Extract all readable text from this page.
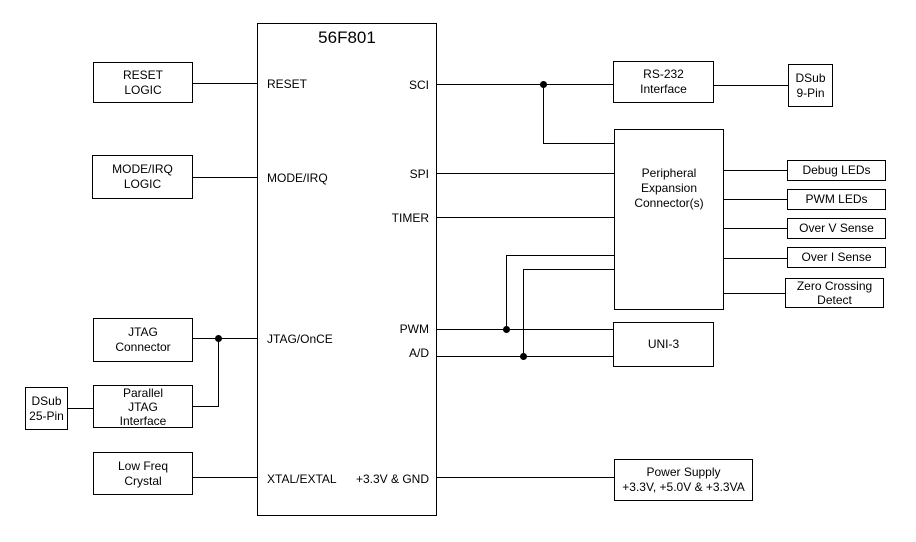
56F801
RESET
MODE/IRQ
JTAG/OnCE
XTAL/EXTAL
SCI
SPI
TIMER
PWM
A/D
+3.3V & GND
RESET
LOGIC
MODE/IRQ
LOGIC
JTAG
Connector
Parallel
JTAG
Interface
DSub
25-Pin
Low Freq
Crystal
RS-232
Interface
DSub
9-Pin
Peripheral
Expansion
Connector(s)
Debug LEDs
PWM LEDs
Over V Sense
Over I Sense
Zero Crossing
Detect
UNI-3
Power Supply
+3.3V, +5.0V & +3.3VA
